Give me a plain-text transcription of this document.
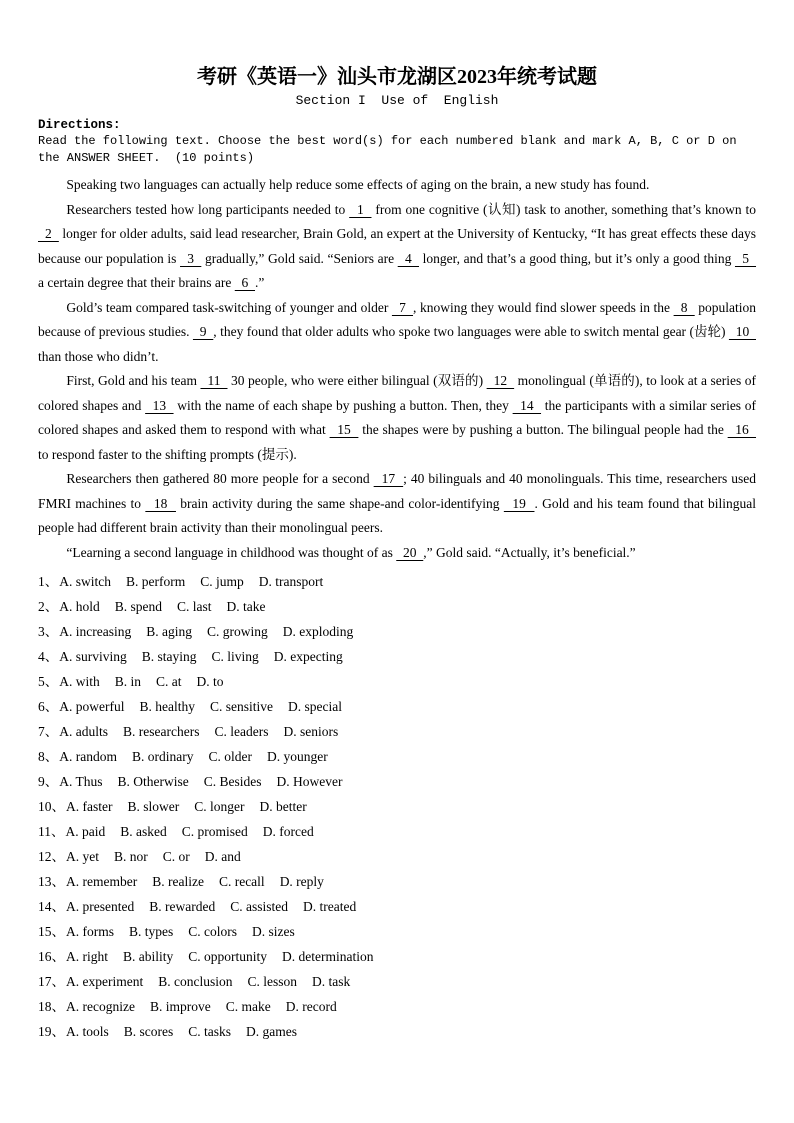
考研《英语一》汕头市龙湖区2023年统考试题
Section I  Use of  English
Directions:
Read the following text. Choose the best word(s) for each numbered blank and mark A, B, C or D on the ANSWER SHEET.  (10 points)

Speaking two languages can actually help reduce some effects of aging on the brain, a new study has found.

Researchers tested how long participants needed to   1   from one cognitive (认知) task to another, something that’s known to   2   longer for older adults, said lead researcher, Brain Gold, an expert at the University of Kentucky, “It has great effects these days because our population is   3   gradually,” Gold said. “Seniors are   4   longer, and that’s a good thing, but it’s only a good thing   5   a certain degree that their brains are   6  .”

Gold’s team compared task-switching of younger and older   7  , knowing they would find slower speeds in the   8   population because of previous studies.   9  , they found that older adults who spoke two languages were able to switch mental gear (齿轮)   10   than those who didn’t.

First, Gold and his team   11   30 people, who were either bilingual (双语的)   12   monolingual (单语的), to look at a series of colored shapes and   13   with the name of each shape by pushing a button. Then, they   14   the participants with a similar series of colored shapes and asked them to respond with what   15   the shapes were by pushing a button. The bilingual people had the   16   to respond faster to the shifting prompts (提示).

Researchers then gathered 80 more people for a second   17  ; 40 bilinguals and 40 monolinguals. This time, researchers used FMRI machines to   18   brain activity during the same shape-and color-identifying   19  . Gold and his team found that bilingual people had different brain activity than their monolingual peers.

“Learning a second language in childhood was thought of as   20  ,” Gold said. “Actually, it’s beneficial.”

1、A. switch B. perform C. jump D. transport
2、A. hold B. spend C. last D. take
3、A. increasing B. aging C. growing D. exploding
4、A. surviving B. staying C. living D. expecting
5、A. with B. in C. at D. to
6、A. powerful B. healthy C. sensitive D. special
7、A. adults B. researchers C. leaders D. seniors
8、A. random B. ordinary C. older D. younger
9、A. Thus B. Otherwise C. Besides D. However
10、A. faster B. slower C. longer D. better
11、A. paid B. asked C. promised D. forced
12、A. yet B. nor C. or D. and
13、A. remember B. realize C. recall D. reply
14、A. presented B. rewarded C. assisted D. treated
15、A. forms B. types C. colors D. sizes
16、A. right B. ability C. opportunity D. determination
17、A. experiment B. conclusion C. lesson D. task
18、A. recognize B. improve C. make D. record
19、A. tools B. scores C. tasks D. games
